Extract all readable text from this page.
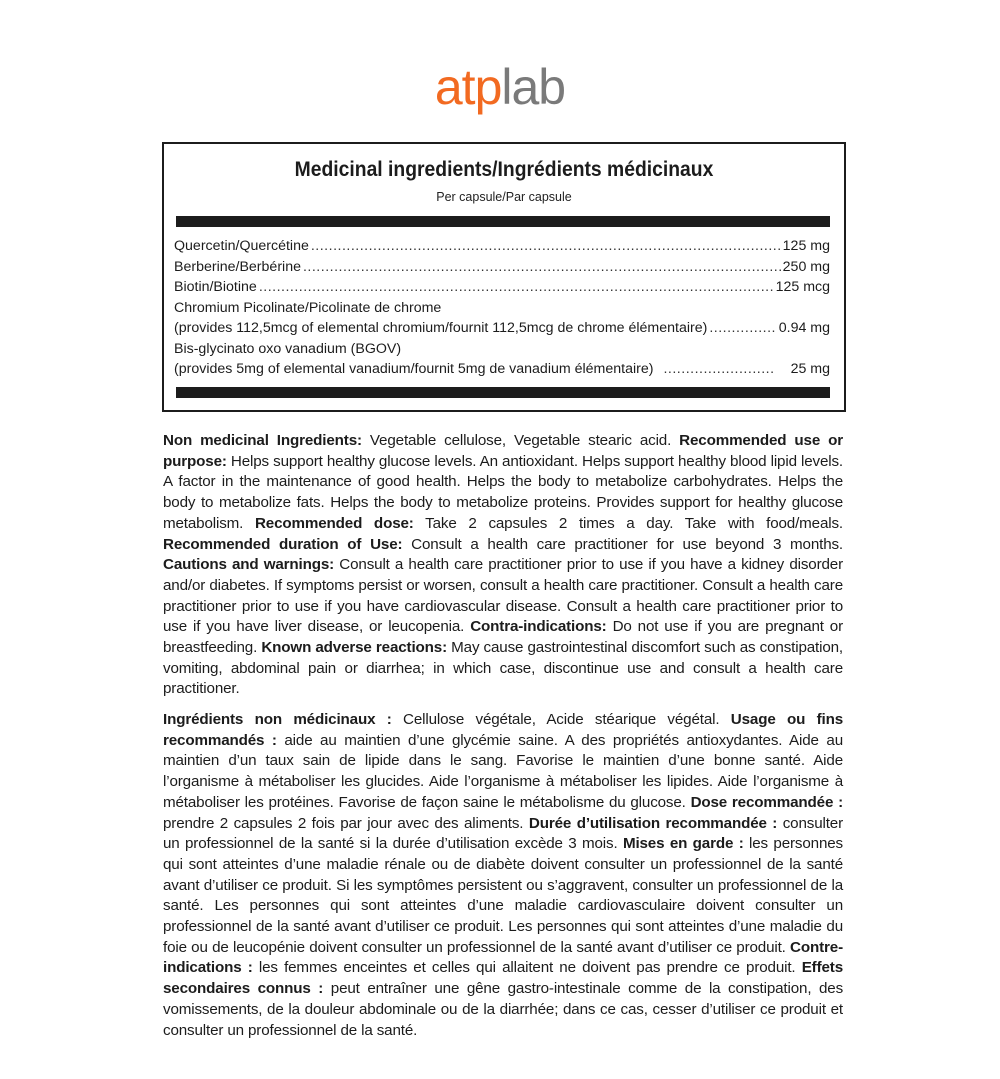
atplab
Medicinal ingredients/Ingrédients médicinaux
Per capsule/Par capsule
Quercetin/Quercétine .....	125 mg
Berberine/Berbérine .....	250 mg
Biotin/Biotine .....	125 mcg
Chromium Picolinate/Picolinate de chrome
(provides 112,5mcg of elemental chromium/fournit 112,5mcg de chrome élémentaire) .....	0.94 mg
Bis-glycinato oxo vanadium (BGOV)
(provides 5mg of elemental vanadium/fournit 5mg de vanadium élémentaire) .....	25 mg
Non medicinal Ingredients: Vegetable cellulose, Vegetable stearic acid. Recommended use or purpose: Helps support healthy glucose levels. An antioxidant. Helps support healthy blood lipid levels. A factor in the maintenance of good health. Helps the body to metabolize carbohydrates. Helps the body to metabolize fats. Helps the body to metabolize proteins. Provides support for healthy glucose metabolism. Recommended dose: Take 2 capsules 2 times a day. Take with food/meals. Recommended duration of Use: Consult a health care practitioner for use beyond 3 months. Cautions and warnings: Consult a health care practitioner prior to use if you have a kidney disorder and/or diabetes. If symptoms persist or worsen, consult a health care practitioner. Consult a health care practitioner prior to use if you have cardiovascular disease. Consult a health care practitioner prior to use if you have liver disease, or leucopenia. Contra-indications: Do not use if you are pregnant or breastfeeding. Known adverse reactions: May cause gastrointestinal discomfort such as constipation, vomiting, abdominal pain or diarrhea; in which case, discontinue use and consult a health care practitioner.
Ingrédients non médicinaux : Cellulose végétale, Acide stéarique végétal. Usage ou fins recommandés : aide au maintien d’une glycémie saine. A des propriétés antioxydantes. Aide au maintien d’un taux sain de lipide dans le sang. Favorise le maintien d’une bonne santé. Aide l’organisme à métaboliser les glucides. Aide l’organisme à métaboliser les lipides. Aide l’organisme à métaboliser les protéines. Favorise de façon saine le métabolisme du glucose. Dose recommandée : prendre 2 capsules 2 fois par jour avec des aliments. Durée d’utilisation recommandée : consulter un professionnel de la santé si la durée d’utilisation excède 3 mois. Mises en garde : les personnes qui sont atteintes d’une maladie rénale ou de diabète doivent consulter un professionnel de la santé avant d’utiliser ce produit. Si les symptômes persistent ou s’aggravent, consulter un professionnel de la santé. Les personnes qui sont atteintes d’une maladie cardiovasculaire doivent consulter un professionnel de la santé avant d’utiliser ce produit. Les personnes qui sont atteintes d’une maladie du foie ou de leucopénie doivent consulter un professionnel de la santé avant d’utiliser ce produit. Contre-indications : les femmes enceintes et celles qui allaitent ne doivent pas prendre ce produit. Effets secondaires connus : peut entraîner une gêne gastro-intestinale comme de la constipation, des vomissements, de la douleur abdominale ou de la diarrhée; dans ce cas, cesser d’utiliser ce produit et consulter un professionnel de la santé.
